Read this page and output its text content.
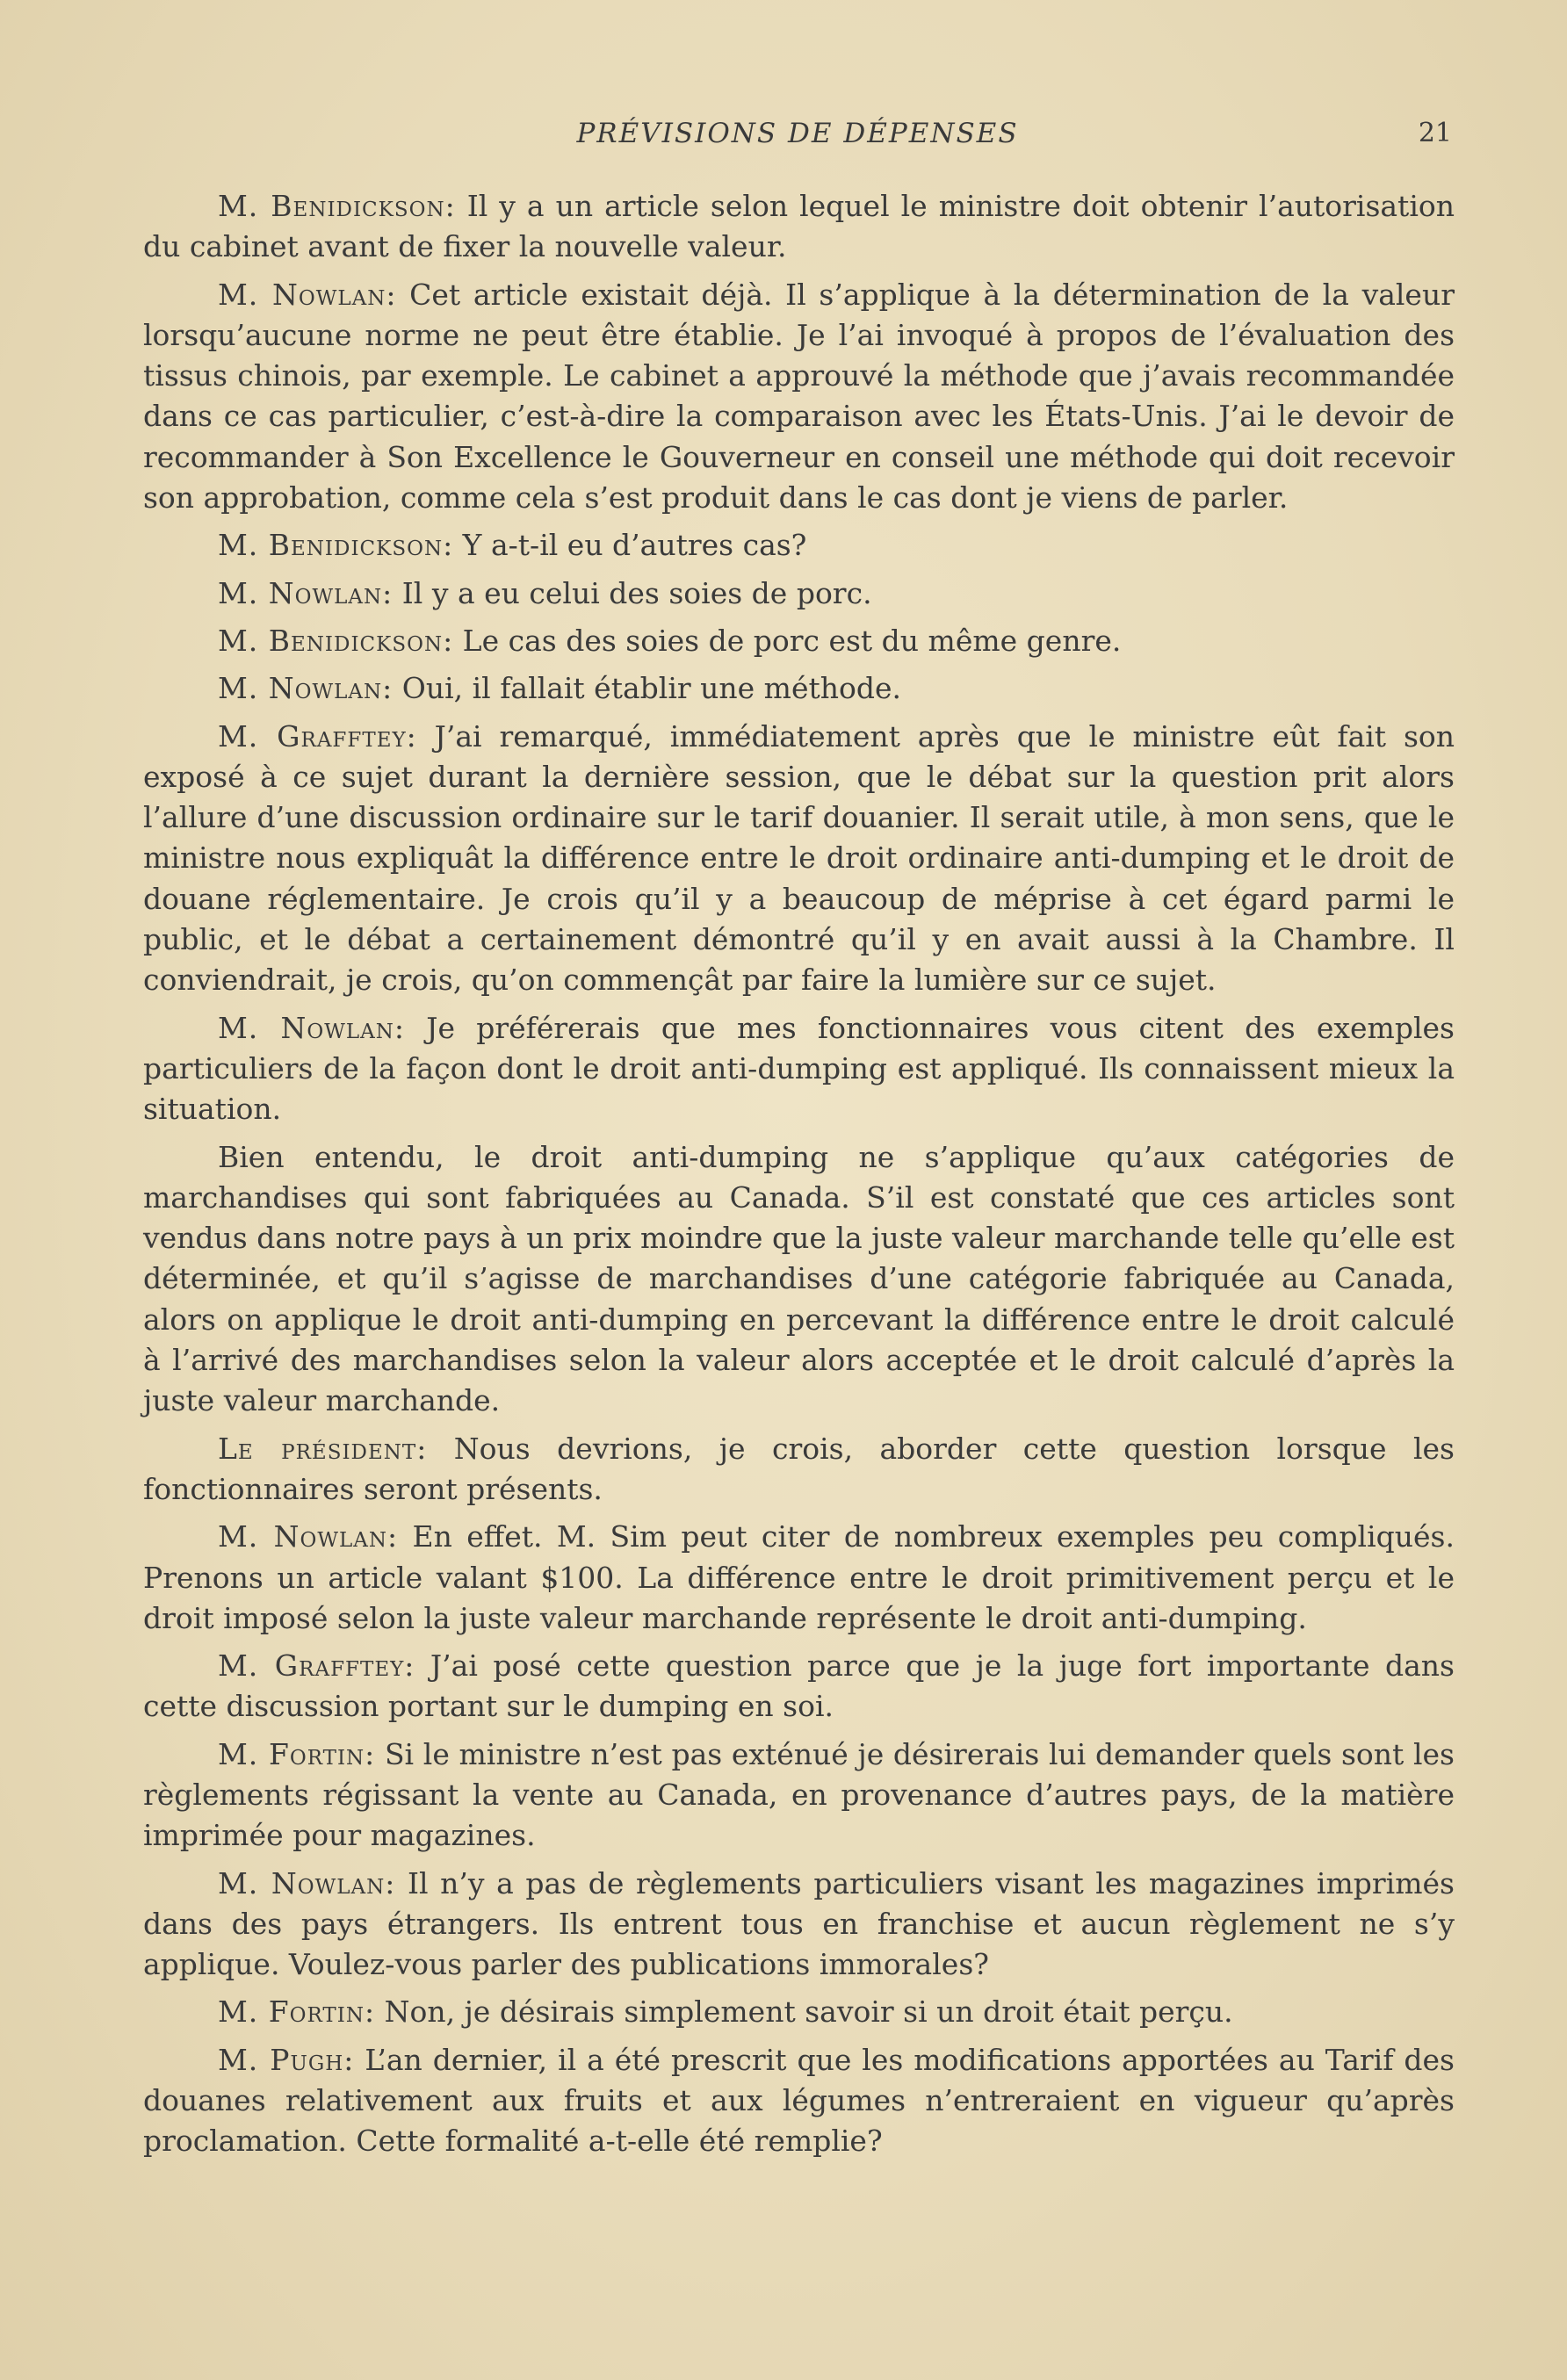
PRÉVISIONS DE DÉPENSES	21

M. Benidickson: Il y a un article selon lequel le ministre doit obtenir l’autorisation du cabinet avant de fixer la nouvelle valeur.

M. Nowlan: Cet article existait déjà. Il s’applique à la détermination de la valeur lorsqu’aucune norme ne peut être établie. Je l’ai invoqué à propos de l’évaluation des tissus chinois, par exemple. Le cabinet a approuvé la méthode que j’avais recommandée dans ce cas particulier, c’est-à-dire la comparaison avec les États-Unis. J’ai le devoir de recommander à Son Excellence le Gouverneur en conseil une méthode qui doit recevoir son approbation, comme cela s’est produit dans le cas dont je viens de parler.

M. Benidickson: Y a-t-il eu d’autres cas?

M. Nowlan: Il y a eu celui des soies de porc.

M. Benidickson: Le cas des soies de porc est du même genre.

M. Nowlan: Oui, il fallait établir une méthode.

M. Grafftey: J’ai remarqué, immédiatement après que le ministre eût fait son exposé à ce sujet durant la dernière session, que le débat sur la question prit alors l’allure d’une discussion ordinaire sur le tarif douanier. Il serait utile, à mon sens, que le ministre nous expliquât la différence entre le droit ordinaire anti-dumping et le droit de douane réglementaire. Je crois qu’il y a beaucoup de méprise à cet égard parmi le public, et le débat a certainement démontré qu’il y en avait aussi à la Chambre. Il conviendrait, je crois, qu’on commençât par faire la lumière sur ce sujet.

M. Nowlan: Je préférerais que mes fonctionnaires vous citent des exemples particuliers de la façon dont le droit anti-dumping est appliqué. Ils connaissent mieux la situation.

Bien entendu, le droit anti-dumping ne s’applique qu’aux catégories de marchandises qui sont fabriquées au Canada. S’il est constaté que ces articles sont vendus dans notre pays à un prix moindre que la juste valeur marchande telle qu’elle est déterminée, et qu’il s’agisse de marchandises d’une catégorie fabriquée au Canada, alors on applique le droit anti-dumping en percevant la différence entre le droit calculé à l’arrivé des marchandises selon la valeur alors acceptée et le droit calculé d’après la juste valeur marchande.

Le président: Nous devrions, je crois, aborder cette question lorsque les fonctionnaires seront présents.

M. Nowlan: En effet. M. Sim peut citer de nombreux exemples peu compliqués. Prenons un article valant $100. La différence entre le droit primitivement perçu et le droit imposé selon la juste valeur marchande représente le droit anti-dumping.

M. Grafftey: J’ai posé cette question parce que je la juge fort importante dans cette discussion portant sur le dumping en soi.

M. Fortin: Si le ministre n’est pas exténué je désirerais lui demander quels sont les règlements régissant la vente au Canada, en provenance d’autres pays, de la matière imprimée pour magazines.

M. Nowlan: Il n’y a pas de règlements particuliers visant les magazines imprimés dans des pays étrangers. Ils entrent tous en franchise et aucun règlement ne s’y applique. Voulez-vous parler des publications immorales?

M. Fortin: Non, je désirais simplement savoir si un droit était perçu.

M. Pugh: L’an dernier, il a été prescrit que les modifications apportées au Tarif des douanes relativement aux fruits et aux légumes n’entreraient en vigueur qu’après proclamation. Cette formalité a-t-elle été remplie?
